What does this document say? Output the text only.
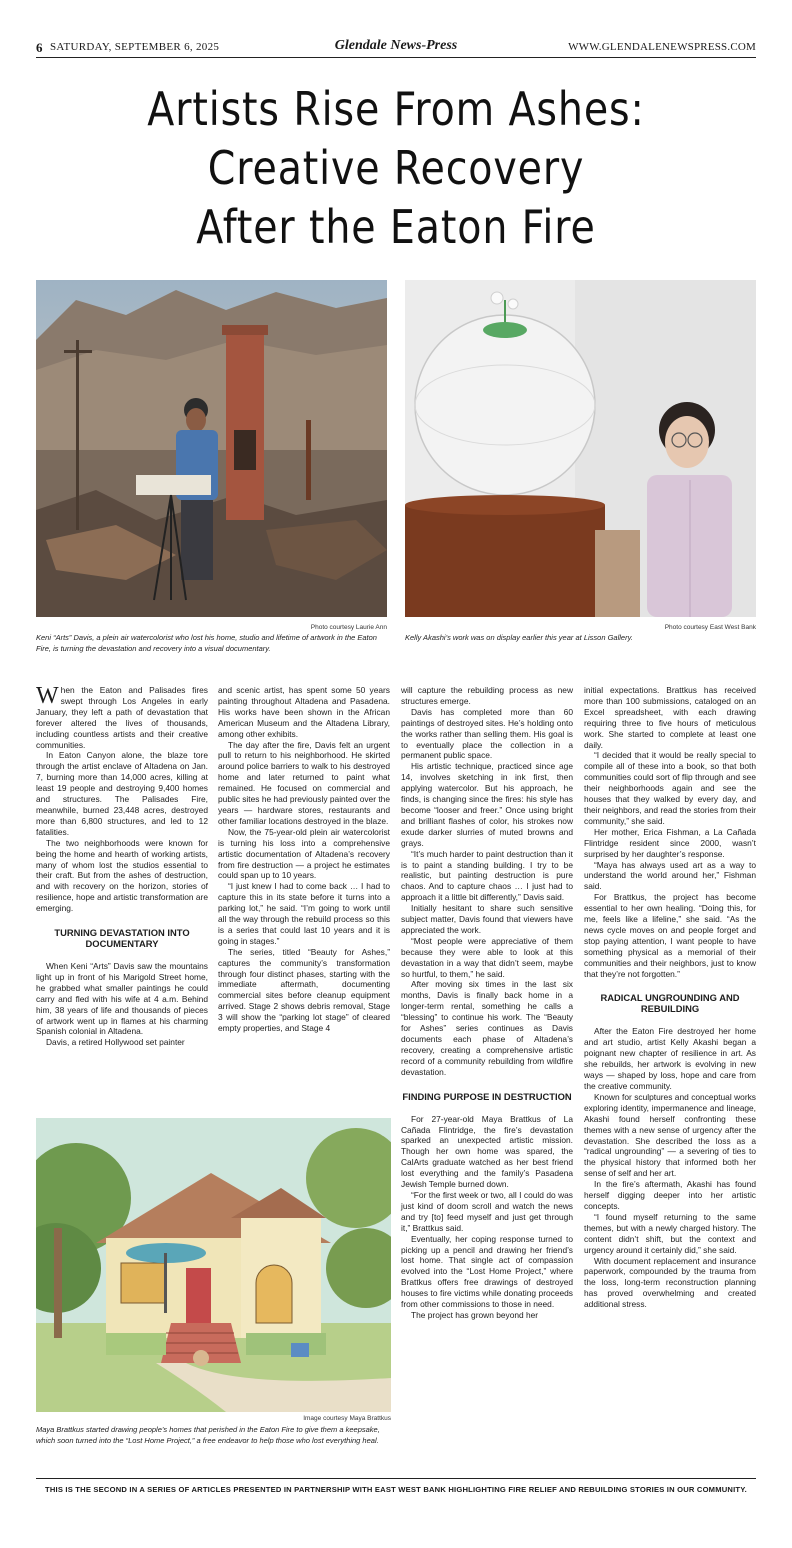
6 SATURDAY, SEPTEMBER 6, 2025	Glendale News-Press	WWW.GLENDALENEWSPRESS.COM
Artists Rise From Ashes:
Creative Recovery
After the Eaton Fire
Photo courtesy Laurie Ann
Keni “Arts” Davis, a plein air watercolorist who lost his home, studio and lifetime of artwork in the Eaton Fire, is turning the devastation and recovery into a visual documentary.
Photo courtesy East West Bank
Kelly Akashi’s work was on display earlier this year at Lisson Gallery.

When the Eaton and Palisades fires swept through Los Angeles in early January, they left a path of devastation that forever altered the lives of thousands, including countless artists and their creative communities.

In Eaton Canyon alone, the blaze tore through the artist enclave of Altadena on Jan. 7, burning more than 14,000 acres, killing at least 19 people and destroying 9,400 homes and structures. The Palisades Fire, meanwhile, burned 23,448 acres, destroyed more than 6,800 structures, and led to 12 fatalities.

The two neighborhoods were known for being the home and hearth of working artists, many of whom lost the studios essential to their craft. But from the ashes of destruction, and with recovery on the horizon, stories of resilience, hope and artistic transformation are emerging.

TURNING DEVASTATION INTO DOCUMENTARY

When Keni “Arts” Davis saw the mountains light up in front of his Marigold Street home, he grabbed what smaller paintings he could carry and fled with his wife at 4 a.m. Behind him, 38 years of life and thousands of pieces of artwork went up in flames at his charming Spanish colonial in Altadena.

Davis, a retired Hollywood set painter

and scenic artist, has spent some 50 years painting throughout Altadena and Pasadena. His works have been shown in the African American Museum and the Altadena Library, among other exhibits.

The day after the fire, Davis felt an urgent pull to return to his neighborhood. He skirted around police barriers to walk to his destroyed home and later returned to paint what remained. He focused on commercial and public sites he had previously painted over the years — hardware stores, restaurants and other familiar locations destroyed in the blaze.

Now, the 75-year-old plein air watercolorist is turning his loss into a comprehensive artistic documentation of Altadena’s recovery from fire destruction — a project he estimates could span up to 10 years.

“I just knew I had to come back … I had to capture this in its state before it turns into a parking lot,” he said. “I’m going to work until all the way through the rebuild process so this is a series that could last 10 years and it is going in stages.”

The series, titled “Beauty for Ashes,” captures the community’s transformation through four distinct phases, starting with the immediate aftermath, documenting commercial sites before cleanup equipment arrived. Stage 2 shows debris removal, Stage 3 will show the “parking lot stage” of cleared empty properties, and Stage 4

will capture the rebuilding process as new structures emerge.

Davis has completed more than 60 paintings of destroyed sites. He’s holding onto the works rather than selling them. His goal is to eventually place the collection in a permanent public space.

His artistic technique, practiced since age 14, involves sketching in ink first, then applying watercolor. But his approach, he finds, is changing since the fires: his style has become “looser and freer.” Once using bright and brilliant flashes of color, his strokes now exude darker slurries of muted browns and grays.

“It’s much harder to paint destruction than it is to paint a standing building. I try to be realistic, but painting destruction is pure chaos. And to capture chaos … I just had to approach it a little bit differently,” Davis said.

Initially hesitant to share such sensitive subject matter, Davis found that viewers have appreciated the work.

“Most people were appreciative of them because they were able to look at this devastation in a way that didn’t seem, maybe so hurtful, to them,” he said.

After moving six times in the last six months, Davis is finally back home in a longer-term rental, something he calls a “blessing” to continue his work. The “Beauty for Ashes” series continues as Davis documents each phase of Altadena’s recovery, creating a comprehensive artistic record of a community rebuilding from wildfire devastation.

FINDING PURPOSE IN DESTRUCTION

For 27-year-old Maya Brattkus of La Cañada Flintridge, the fire’s devastation sparked an unexpected artistic mission. Though her own home was spared, the CalArts graduate watched as her best friend lost everything and the family’s Pasadena Jewish Temple burned down.

“For the first week or two, all I could do was just kind of doom scroll and watch the news and try [to] feed myself and just get through it,” Brattkus said.

Eventually, her coping response turned to picking up a pencil and drawing her friend’s lost home. That single act of compassion evolved into the “Lost Home Project,” where Brattkus offers free drawings of destroyed houses to fire victims while donating proceeds from other commissions to those in need.

The project has grown beyond her

initial expectations. Brattkus has received more than 100 submissions, cataloged on an Excel spreadsheet, with each drawing requiring three to five hours of meticulous work. She started to complete at least one daily.

“I decided that it would be really special to compile all of these into a book, so that both communities could sort of flip through and see their neighborhoods again and see the houses that they walked by every day, and their neighbors, and read the stories from their community,” she said.

Her mother, Erica Fishman, a La Cañada Flintridge resident since 2000, wasn’t surprised by her daughter’s response.

“Maya has always used art as a way to understand the world around her,” Fishman said.

For Brattkus, the project has become essential to her own healing. “Doing this, for me, feels like a lifeline,” she said. “As the news cycle moves on and people forget and stop paying attention, I want people to have something physical as a memorial of their communities and their neighbors, just to know that they’re not forgotten.”

RADICAL UNGROUNDING AND REBUILDING

After the Eaton Fire destroyed her home and art studio, artist Kelly Akashi began a poignant new chapter of resilience in art. As she rebuilds, her artwork is evolving in new ways — shaped by loss, hope and care from the creative community.

Known for sculptures and conceptual works exploring identity, impermanence and lineage, Akashi found herself confronting these themes with a new sense of urgency after the devastation. She described the loss as a “radical ungrounding” — a severing of ties to the physical history that informed both her sense of self and her art.

In the fire’s aftermath, Akashi has found herself digging deeper into her artistic concepts.

“I found myself returning to the same themes, but with a newly charged history. The content didn’t shift, but the context and urgency around it certainly did,” she said.

With document replacement and insurance paperwork, compounded by the trauma from the loss, long-term reconstruction planning has proved overwhelming and created additional stress.

Image courtesy Maya Brattkus
Maya Brattkus started drawing people’s homes that perished in the Eaton Fire to give them a keepsake, which soon turned into the “Lost Home Project,” a free endeavor to help those who lost everything heal.
THIS IS THE SECOND IN A SERIES OF ARTICLES PRESENTED IN PARTNERSHIP WITH EAST WEST BANK HIGHLIGHTING FIRE RELIEF AND REBUILDING STORIES IN OUR COMMUNITY.
